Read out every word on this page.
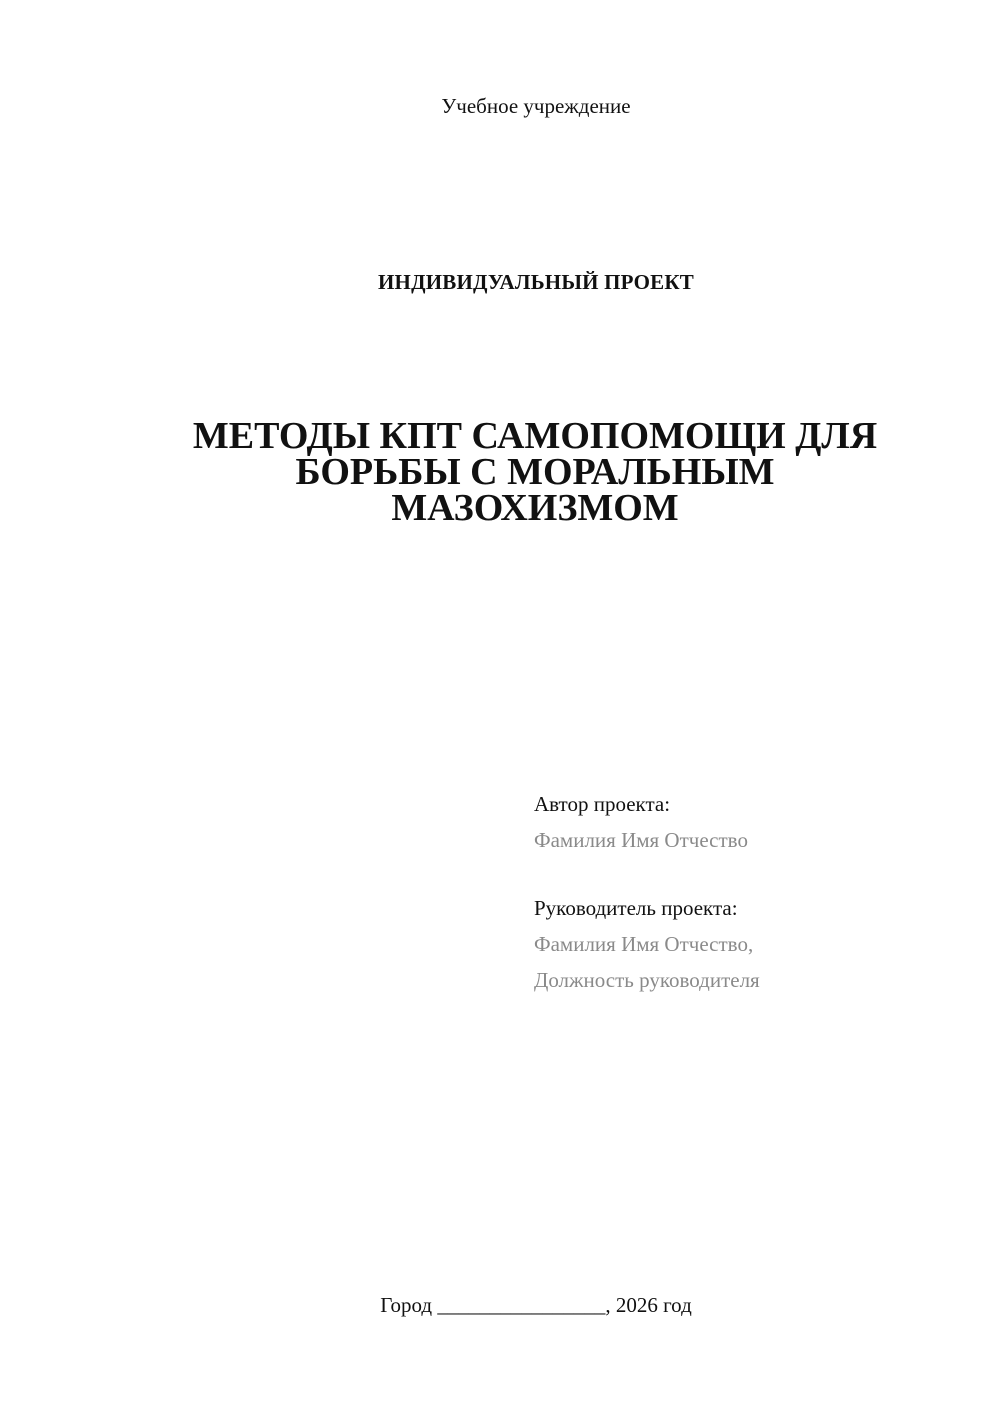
Учебное учреждение
ИНДИВИДУАЛЬНЫЙ ПРОЕКТ
МЕТОДЫ КПТ САМОПОМОЩИ ДЛЯ
БОРЬБЫ С МОРАЛЬНЫМ
МАЗОХИЗМОМ
Автор проекта:
Фамилия Имя Отчество
Руководитель проекта:
Фамилия Имя Отчество,
Должность руководителя
Город ________________, 2026 год
